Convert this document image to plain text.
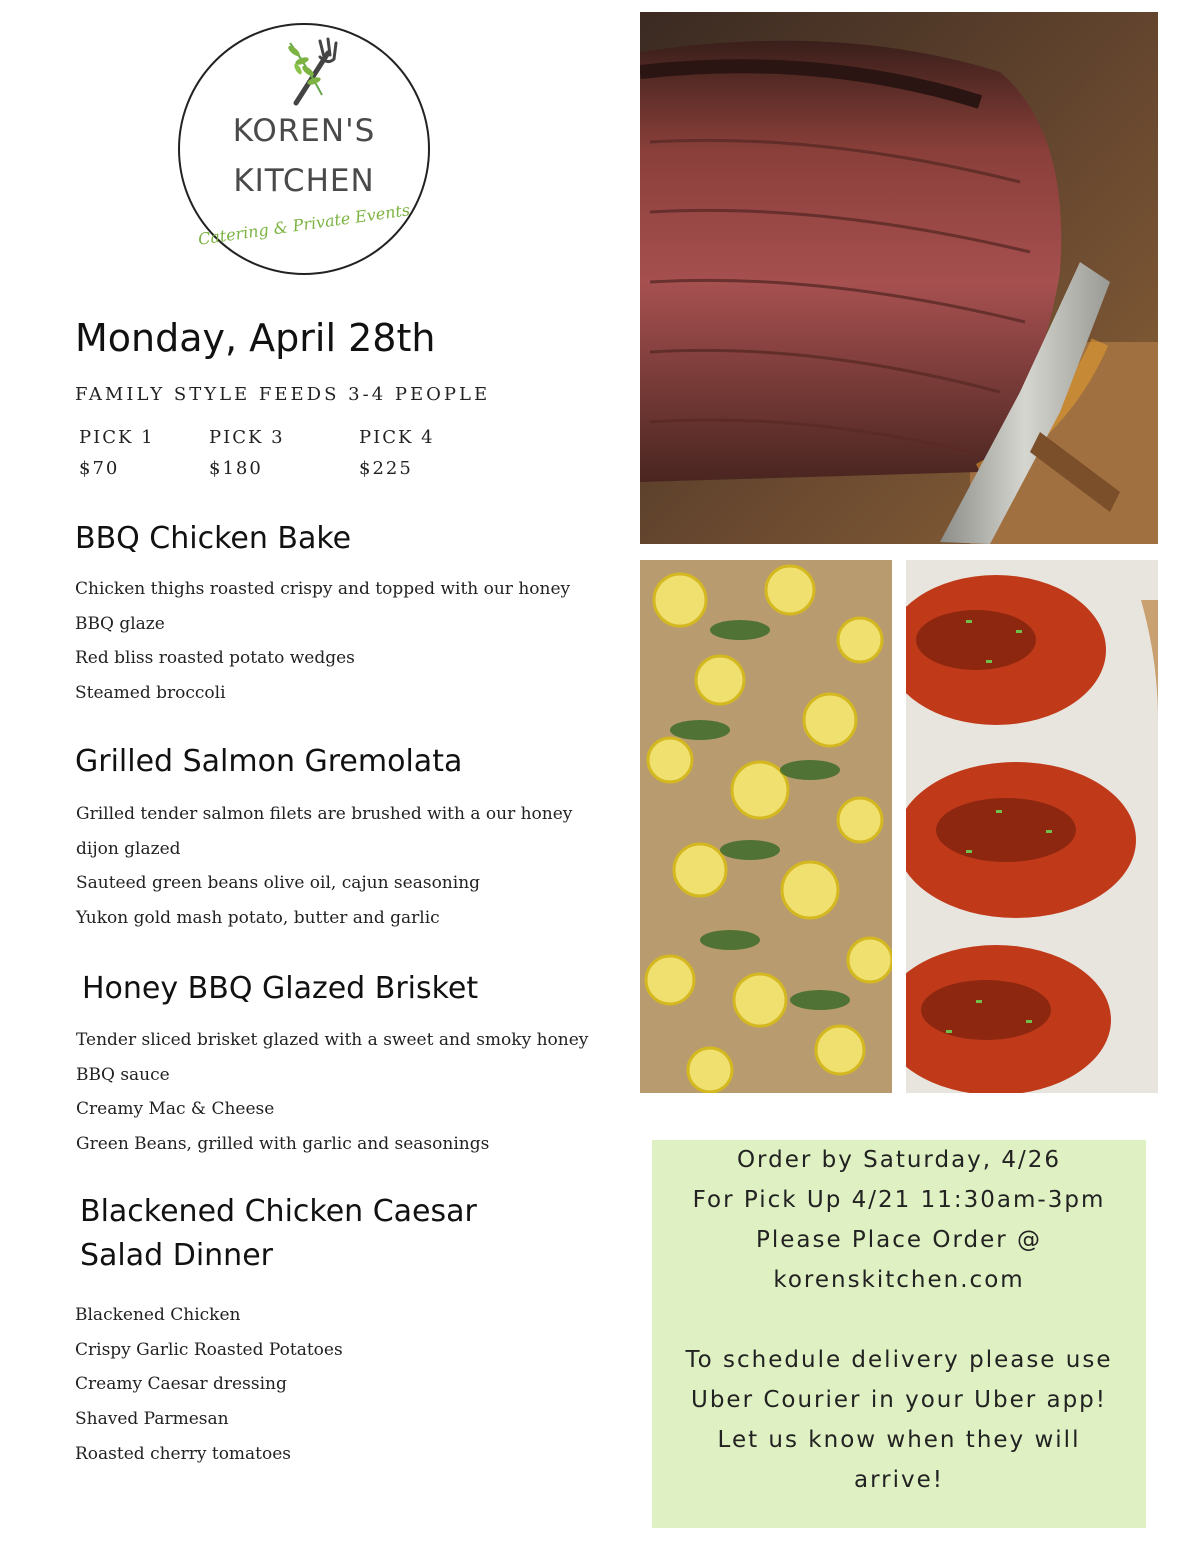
KOREN'S
KITCHEN
Catering & Private Events
Monday, April 28th
FAMILY STYLE FEEDS 3-4 PEOPLE
PICK 1
$70
PICK 3
$180
PICK 4
$225
BBQ Chicken Bake
Chicken thighs roasted crispy and topped with our honey
BBQ glaze
Red bliss roasted potato wedges
Steamed broccoli
Grilled Salmon Gremolata
Grilled tender salmon filets are brushed with a our honey
dijon glazed
Sauteed green beans olive oil, cajun seasoning
Yukon gold mash potato, butter and garlic
Honey BBQ Glazed Brisket
Tender sliced brisket glazed with a sweet and smoky honey
BBQ sauce
Creamy Mac & Cheese
Green Beans, grilled with garlic and seasonings
Blackened Chicken Caesar
Salad Dinner
Blackened Chicken
Crispy Garlic Roasted Potatoes
Creamy Caesar dressing
Shaved Parmesan
Roasted cherry tomatoes

Order by Saturday, 4/26

For Pick Up 4/21 11:30am-3pm

Please Place Order @

korenskitchen.com

To schedule delivery please use

Uber Courier in your Uber app!

Let us know when they will

arrive!
